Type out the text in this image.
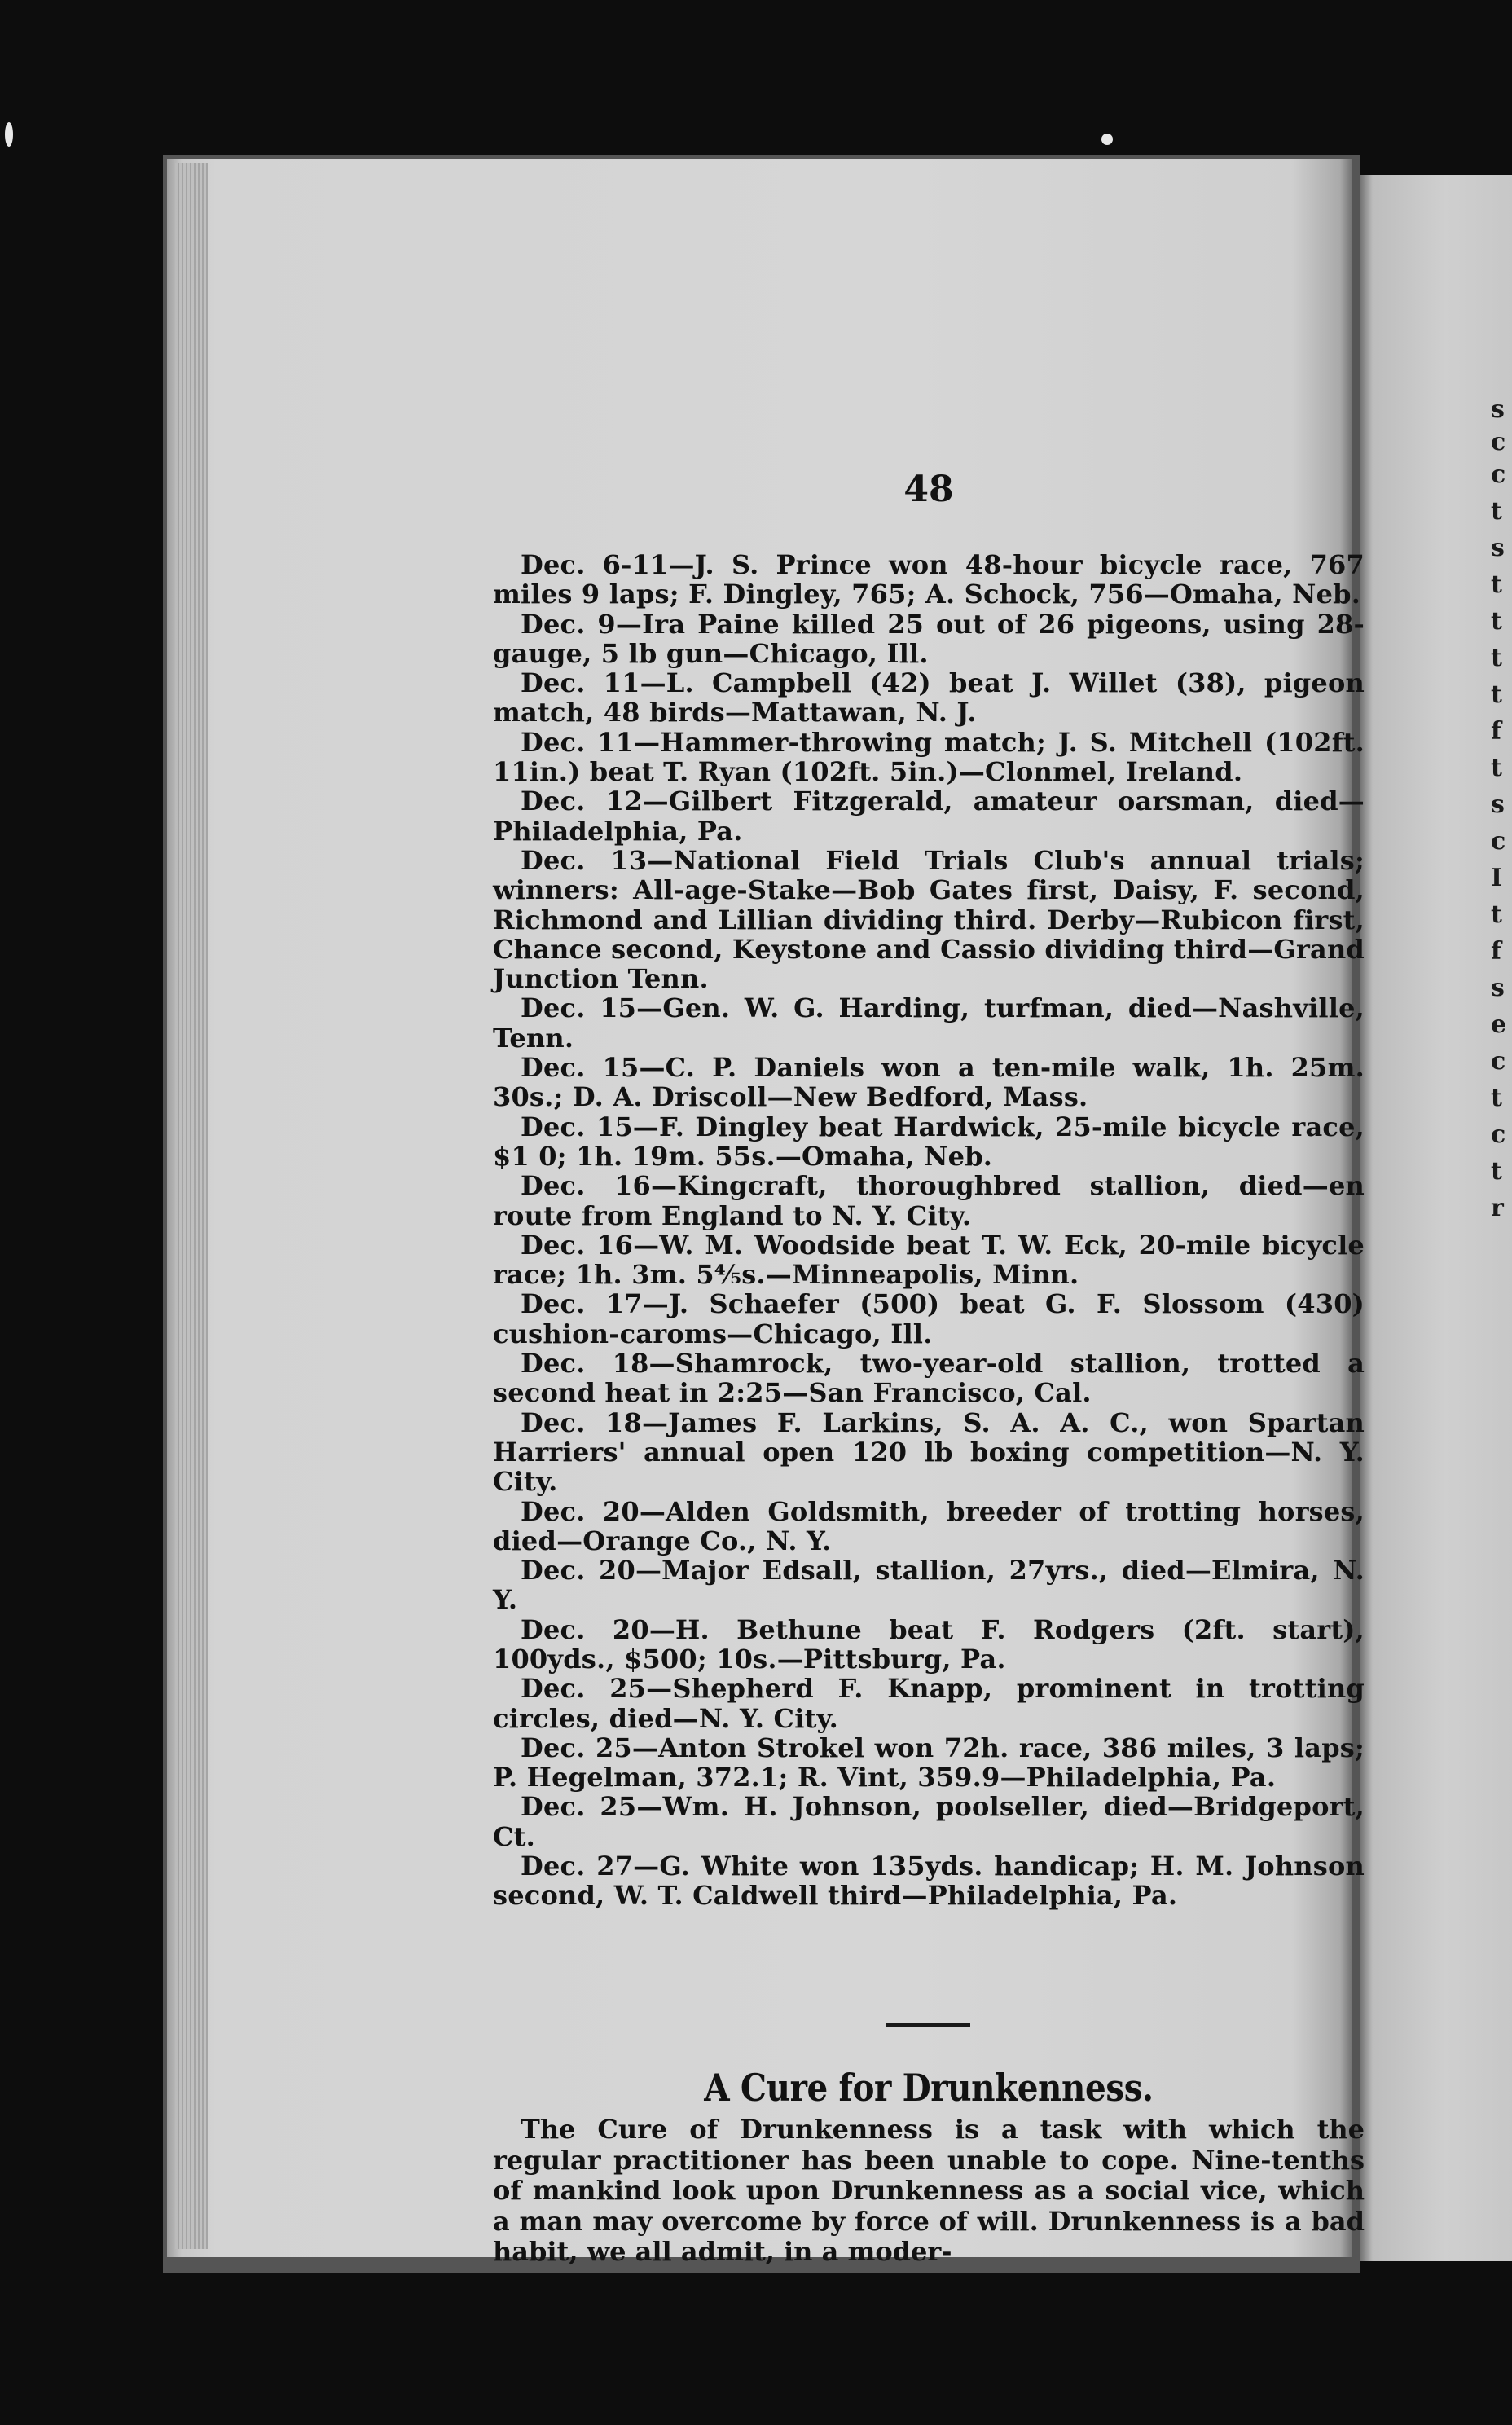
s
c
c
t
s
t
t
t
t
f
t
s
c
I
t
f
s
e
c
t
c
t
r
48

Dec. 6-11—J. S. Prince won 48-hour bicycle race, 767 miles 9 laps; F. Dingley, 765; A. Schock, 756—Omaha, Neb.

Dec. 9—Ira Paine killed 25 out of 26 pigeons, using 28-gauge, 5 lb gun—Chicago, Ill.

Dec. 11—L. Campbell (42) beat J. Willet (38), pigeon match, 48 birds—Mattawan, N. J.

Dec. 11—Hammer-throwing match; J. S. Mitchell (102ft. 11in.) beat T. Ryan (102ft. 5in.)—Clonmel, Ireland.

Dec. 12—Gilbert Fitzgerald, amateur oarsman, died—Philadelphia, Pa.

Dec. 13—National Field Trials Club's annual trials; winners: All-age-Stake—Bob Gates first, Daisy, F. second, Richmond and Lillian dividing third. Derby—Rubicon first, Chance second, Keystone and Cassio dividing third—Grand Junction Tenn.

Dec. 15—Gen. W. G. Harding, turfman, died—Nashville, Tenn.

Dec. 15—C. P. Daniels won a ten-mile walk, 1h. 25m. 30s.; D. A. Driscoll—New Bedford, Mass.

Dec. 15—F. Dingley beat Hardwick, 25-mile bicycle race, $1 0; 1h. 19m. 55s.—Omaha, Neb.

Dec. 16—Kingcraft, thoroughbred stallion, died—en route from England to N. Y. City.

Dec. 16—W. M. Woodside beat T. W. Eck, 20-mile bicycle race; 1h. 3m. 5⅘s.—Minneapolis, Minn.

Dec. 17—J. Schaefer (500) beat G. F. Slossom (430) cushion-caroms—Chicago, Ill.

Dec. 18—Shamrock, two-year-old stallion, trotted a second heat in 2:25—San Francisco, Cal.

Dec. 18—James F. Larkins, S. A. A. C., won Spartan Harriers' annual open 120 lb boxing competition—N. Y. City.

Dec. 20—Alden Goldsmith, breeder of trotting horses, died—Orange Co., N. Y.

Dec. 20—Major Edsall, stallion, 27yrs., died—Elmira, N. Y.

Dec. 20—H. Bethune beat F. Rodgers (2ft. start), 100yds., $500; 10s.—Pittsburg, Pa.

Dec. 25—Shepherd F. Knapp, prominent in trotting circles, died—N. Y. City.

Dec. 25—Anton Strokel won 72h. race, 386 miles, 3 laps; P. Hegelman, 372.1; R. Vint, 359.9—Philadelphia, Pa.

Dec. 25—Wm. H. Johnson, poolseller, died—Bridgeport, Ct.

Dec. 27—G. White won 135yds. handicap; H. M. Johnson second, W. T. Caldwell third—Philadelphia, Pa.

A Cure for Drunkenness.

The Cure of Drunkenness is a task with which the regular practitioner has been unable to cope. Nine-tenths of mankind look upon Drunkenness as a social vice, which a man may overcome by force of will. Drunkenness is a bad habit, we all admit, in a moder-
